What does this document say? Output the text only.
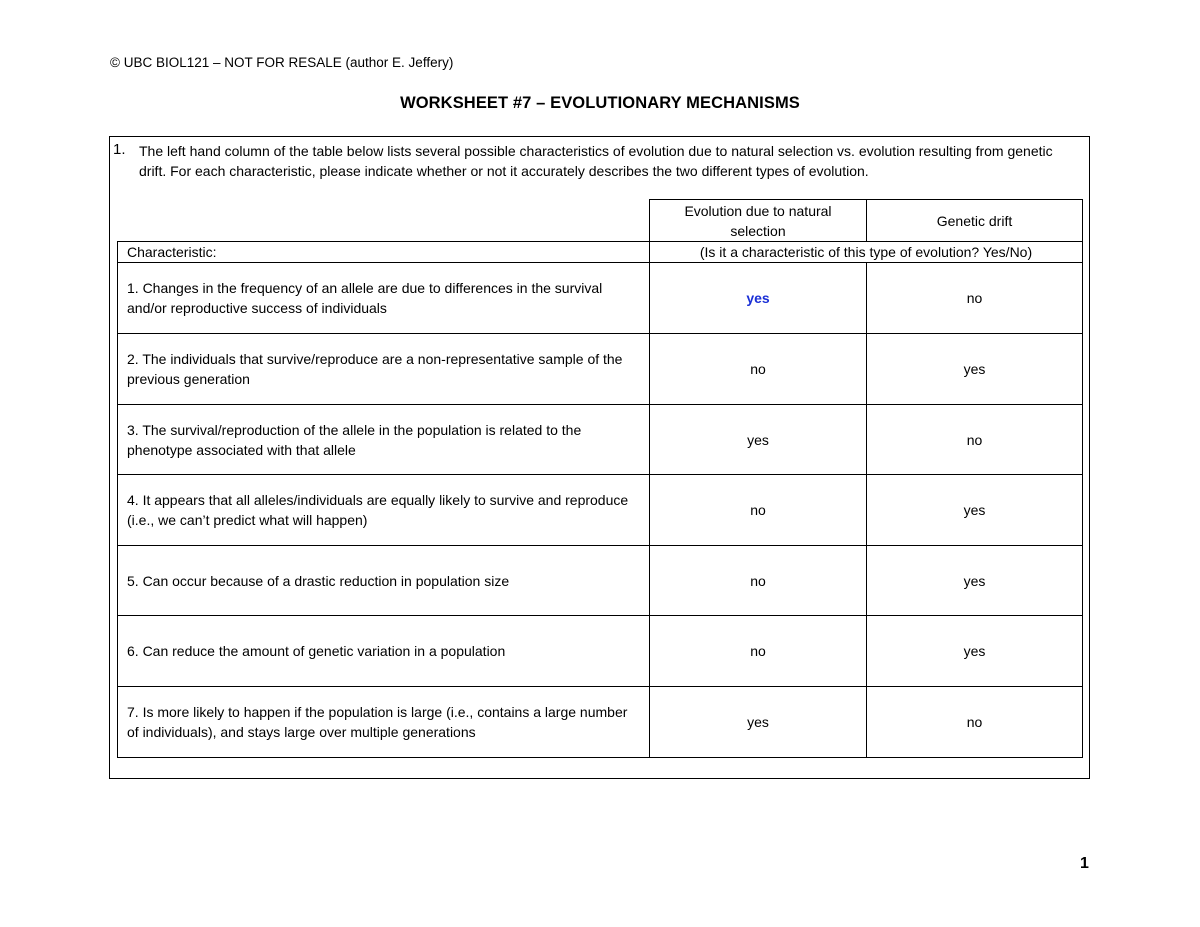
© UBC BIOL121 – NOT FOR RESALE (author E. Jeffery)
WORKSHEET #7 – EVOLUTIONARY MECHANISMS
1. The left hand column of the table below lists several possible characteristics of evolution due to natural selection vs. evolution resulting from genetic drift. For each characteristic, please indicate whether or not it accurately describes the two different types of evolution.
	Evolution due to natural selection	Genetic drift
Characteristic:	(Is it a characteristic of this type of evolution? Yes/No)	
1. Changes in the frequency of an allele are due to differences in the survival and/or reproductive success of individuals	yes	no
2. The individuals that survive/reproduce are a non-representative sample of the previous generation	no	yes
3. The survival/reproduction of the allele in the population is related to the phenotype associated with that allele	yes	no
4. It appears that all alleles/individuals are equally likely to survive and reproduce (i.e., we can’t predict what will happen)	no	yes
5. Can occur because of a drastic reduction in population size	no	yes
6. Can reduce the amount of genetic variation in a population	no	yes
7. Is more likely to happen if the population is large (i.e., contains a large number of individuals), and stays large over multiple generations	yes	no
1
